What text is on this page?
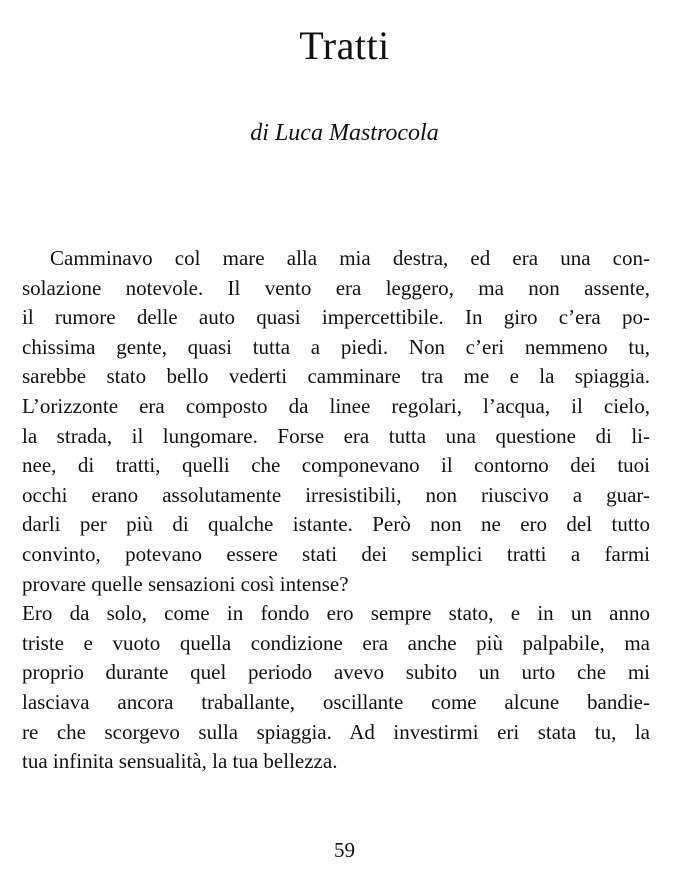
Tratti

di Luca Mastrocola

Camminavo col mare alla mia destra, ed era una con-
solazione notevole. Il vento era leggero, ma non assente,
il rumore delle auto quasi impercettibile. In giro c’era po-
chissima gente, quasi tutta a piedi. Non c’eri nemmeno tu,
sarebbe stato bello vederti camminare tra me e la spiaggia.
L’orizzonte era composto da linee regolari, l’acqua, il cielo,
la strada, il lungomare. Forse era tutta una questione di li-
nee, di tratti, quelli che componevano il contorno dei tuoi
occhi erano assolutamente irresistibili, non riuscivo a guar-
darli per più di qualche istante. Però non ne ero del tutto
convinto, potevano essere stati dei semplici tratti a farmi
provare quelle sensazioni così intense?
Ero da solo, come in fondo ero sempre stato, e in un anno
triste e vuoto quella condizione era anche più palpabile, ma
proprio durante quel periodo avevo subito un urto che mi
lasciava ancora traballante, oscillante come alcune bandie-
re che scorgevo sulla spiaggia. Ad investirmi eri stata tu, la
tua infinita sensualità, la tua bellezza.
59
